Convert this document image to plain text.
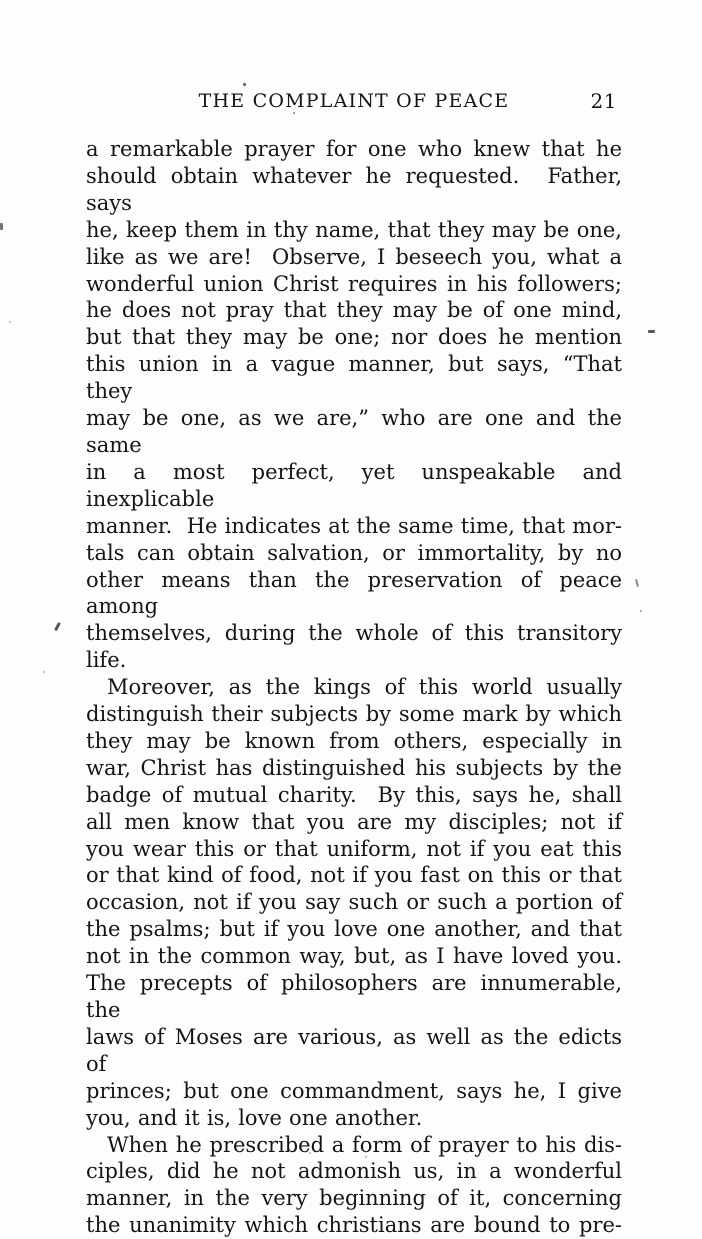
THE COMPLAINT OF PEACE	21
a remarkable prayer for one who knew that he
should obtain whatever he requested.  Father, says
he, keep them in thy name, that they may be one,
like as we are!  Observe, I beseech you, what a
wonderful union Christ requires in his followers;
he does not pray that they may be of one mind,
but that they may be one; nor does he mention
this union in a vague manner, but says, “That they
may be one, as we are,” who are one and the same
in a most perfect, yet unspeakable and inexplicable
manner.  He indicates at the same time, that mor-
tals can obtain salvation, or immortality, by no
other means than the preservation of peace among
themselves, during the whole of this transitory
life.
Moreover, as the kings of this world usually
distinguish their subjects by some mark by which
they may be known from others, especially in
war, Christ has distinguished his subjects by the
badge of mutual charity.  By this, says he, shall
all men know that you are my disciples; not if
you wear this or that uniform, not if you eat this
or that kind of food, not if you fast on this or that
occasion, not if you say such or such a portion of
the psalms; but if you love one another, and that
not in the common way, but, as I have loved you.
The precepts of philosophers are innumerable, the
laws of Moses are various, as well as the edicts of
princes; but one commandment, says he, I give
you, and it is, love one another.
When he prescribed a form of prayer to his dis-
ciples, did he not admonish us, in a wonderful
manner, in the very beginning of it, concerning
the unanimity which christians are bound to pre-
